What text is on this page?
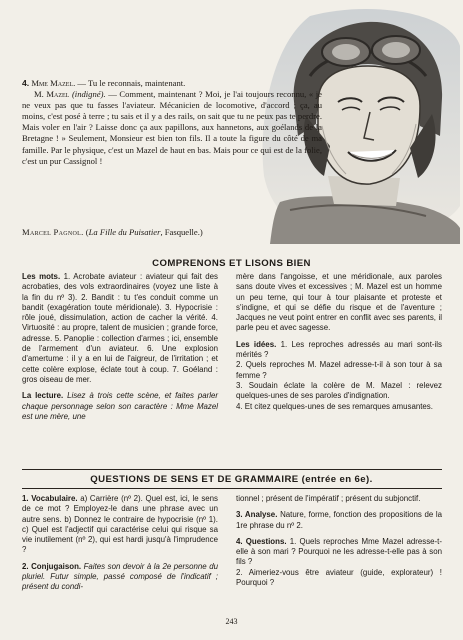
4. Mme Mazel. — Tu le reconnais, maintenant.

M. Mazel (indigné). — Comment, maintenant ? Moi, je l'ai toujours reconnu, « je ne veux pas que tu fasses l'aviateur. Mécanicien de locomotive, d'accord ; ça, au moins, c'est posé à terre ; tu sais et il y a des rails, on sait que tu ne peux pas te perdre. Mais voler en l'air ? Laisse donc ça aux papillons, aux hannetons, aux goélands de la Bretagne ! » Seulement, Monsieur est bien ton fils. Il a toute la figure du côté de ma famille. Par le physique, c'est un Mazel de haut en bas. Mais pour ce qui est de la folie, c'est un pur Cassignol !

Marcel Pagnol. (La Fille du Puisatier, Fasquelle.)
COMPRENONS ET LISONS BIEN

Les mots. 1. Acrobate aviateur : aviateur qui fait des acrobaties, des vols extraordinaires (voyez une liste à la fin du nº 3). 2. Bandit : tu t'es conduit comme un bandit (exagération toute méridionale). 3. Hypocrisie : rôle joué, dissimulation, action de cacher la vérité. 4. Virtuosité : au propre, talent de musicien ; grande force, adresse. 5. Panoplie : collection d'armes ; ici, ensemble de l'armement d'un aviateur. 6. Une explosion d'amertume : il y a en lui de l'aigreur, de l'irritation ; et cette colère explose, éclate tout à coup. 7. Goéland : gros oiseau de mer.

La lecture. Lisez à trois cette scène, et faites parler chaque personnage selon son caractère : Mme Mazel est une mère, une

mère dans l'angoisse, et une méridionale, aux paroles sans doute vives et excessives ; M. Mazel est un homme un peu terne, qui tour à tour plaisante et proteste et s'indigne, et qui se défie du risque et de l'aventure ; Jacques ne veut point entrer en conflit avec ses parents, il parle peu et avec sagesse.

Les idées. 1. Les reproches adressés au mari sont-ils mérités ?

2. Quels reproches M. Mazel adresse-t-il à son tour à sa femme ?

3. Soudain éclate la colère de M. Mazel : relevez quelques-unes de ses paroles d'indignation.

4. Et citez quelques-unes de ses remarques amusantes.

QUESTIONS DE SENS ET DE GRAMMAIRE (entrée en 6e).

1. Vocabulaire. a) Carrière (nº 2). Quel est, ici, le sens de ce mot ? Employez-le dans une phrase avec un autre sens. b) Donnez le contraire de hypocrisie (nº 1). c) Quel est l'adjectif qui caractérise celui qui risque sa vie inutilement (nº 2), qui est hardi jusqu'à l'imprudence ?

2. Conjugaison. Faites son devoir à la 2e personne du pluriel. Futur simple, passé composé de l'indicatif ; présent du condi-

tionnel ; présent de l'impératif ; présent du subjonctif.

3. Analyse. Nature, forme, fonction des propositions de la 1re phrase du nº 2.

4. Questions. 1. Quels reproches Mme Mazel adresse-t-elle à son mari ? Pourquoi ne les adresse-t-elle pas à son fils ?

2. Aimeriez-vous être aviateur (guide, explorateur) ! Pourquoi ?

243
